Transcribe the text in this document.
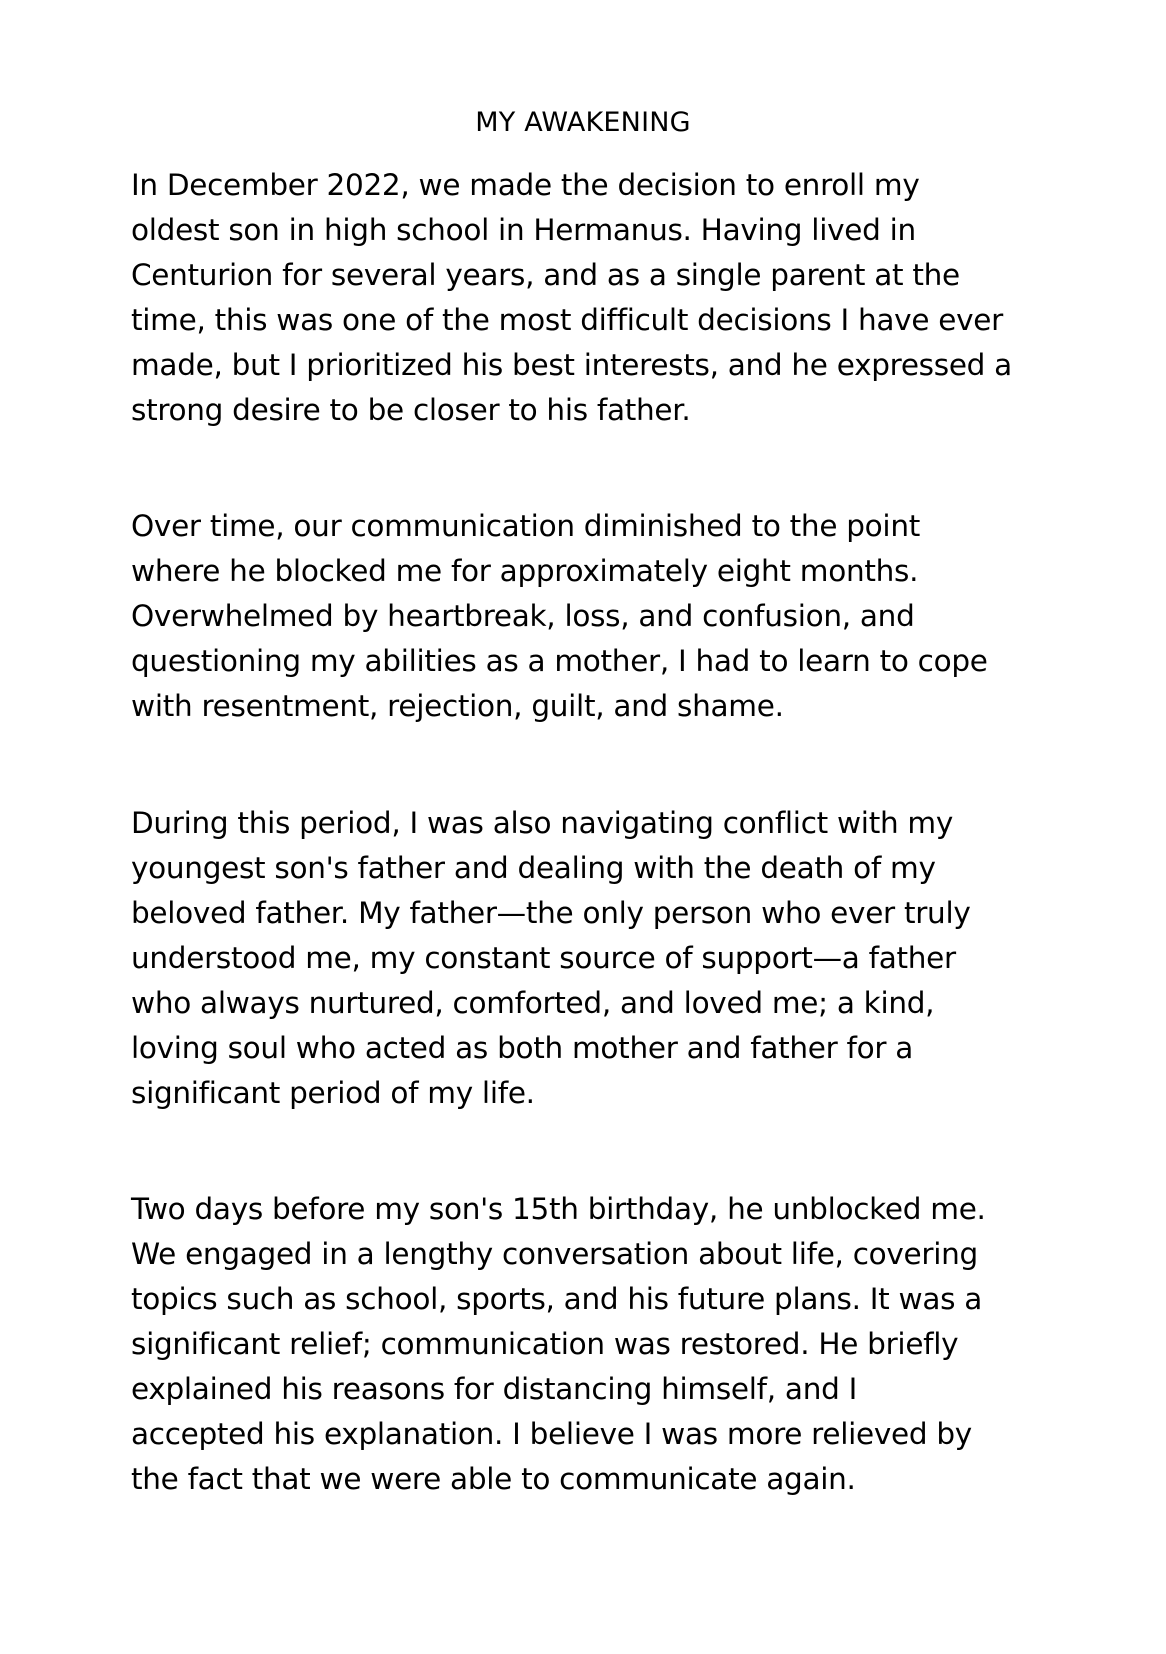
MY AWAKENING

In December 2022, we made the decision to enroll my
oldest son in high school in Hermanus. Having lived in
Centurion for several years, and as a single parent at the
time, this was one of the most difficult decisions I have ever
made, but I prioritized his best interests, and he expressed a
strong desire to be closer to his father.

Over time, our communication diminished to the point
where he blocked me for approximately eight months.
Overwhelmed by heartbreak, loss, and confusion, and
questioning my abilities as a mother, I had to learn to cope
with resentment, rejection, guilt, and shame.

During this period, I was also navigating conflict with my
youngest son's father and dealing with the death of my
beloved father. My father—the only person who ever truly
understood me, my constant source of support—a father
who always nurtured, comforted, and loved me; a kind,
loving soul who acted as both mother and father for a
significant period of my life.

Two days before my son's 15th birthday, he unblocked me.
We engaged in a lengthy conversation about life, covering
topics such as school, sports, and his future plans. It was a
significant relief; communication was restored. He briefly
explained his reasons for distancing himself, and I
accepted his explanation. I believe I was more relieved by
the fact that we were able to communicate again.
